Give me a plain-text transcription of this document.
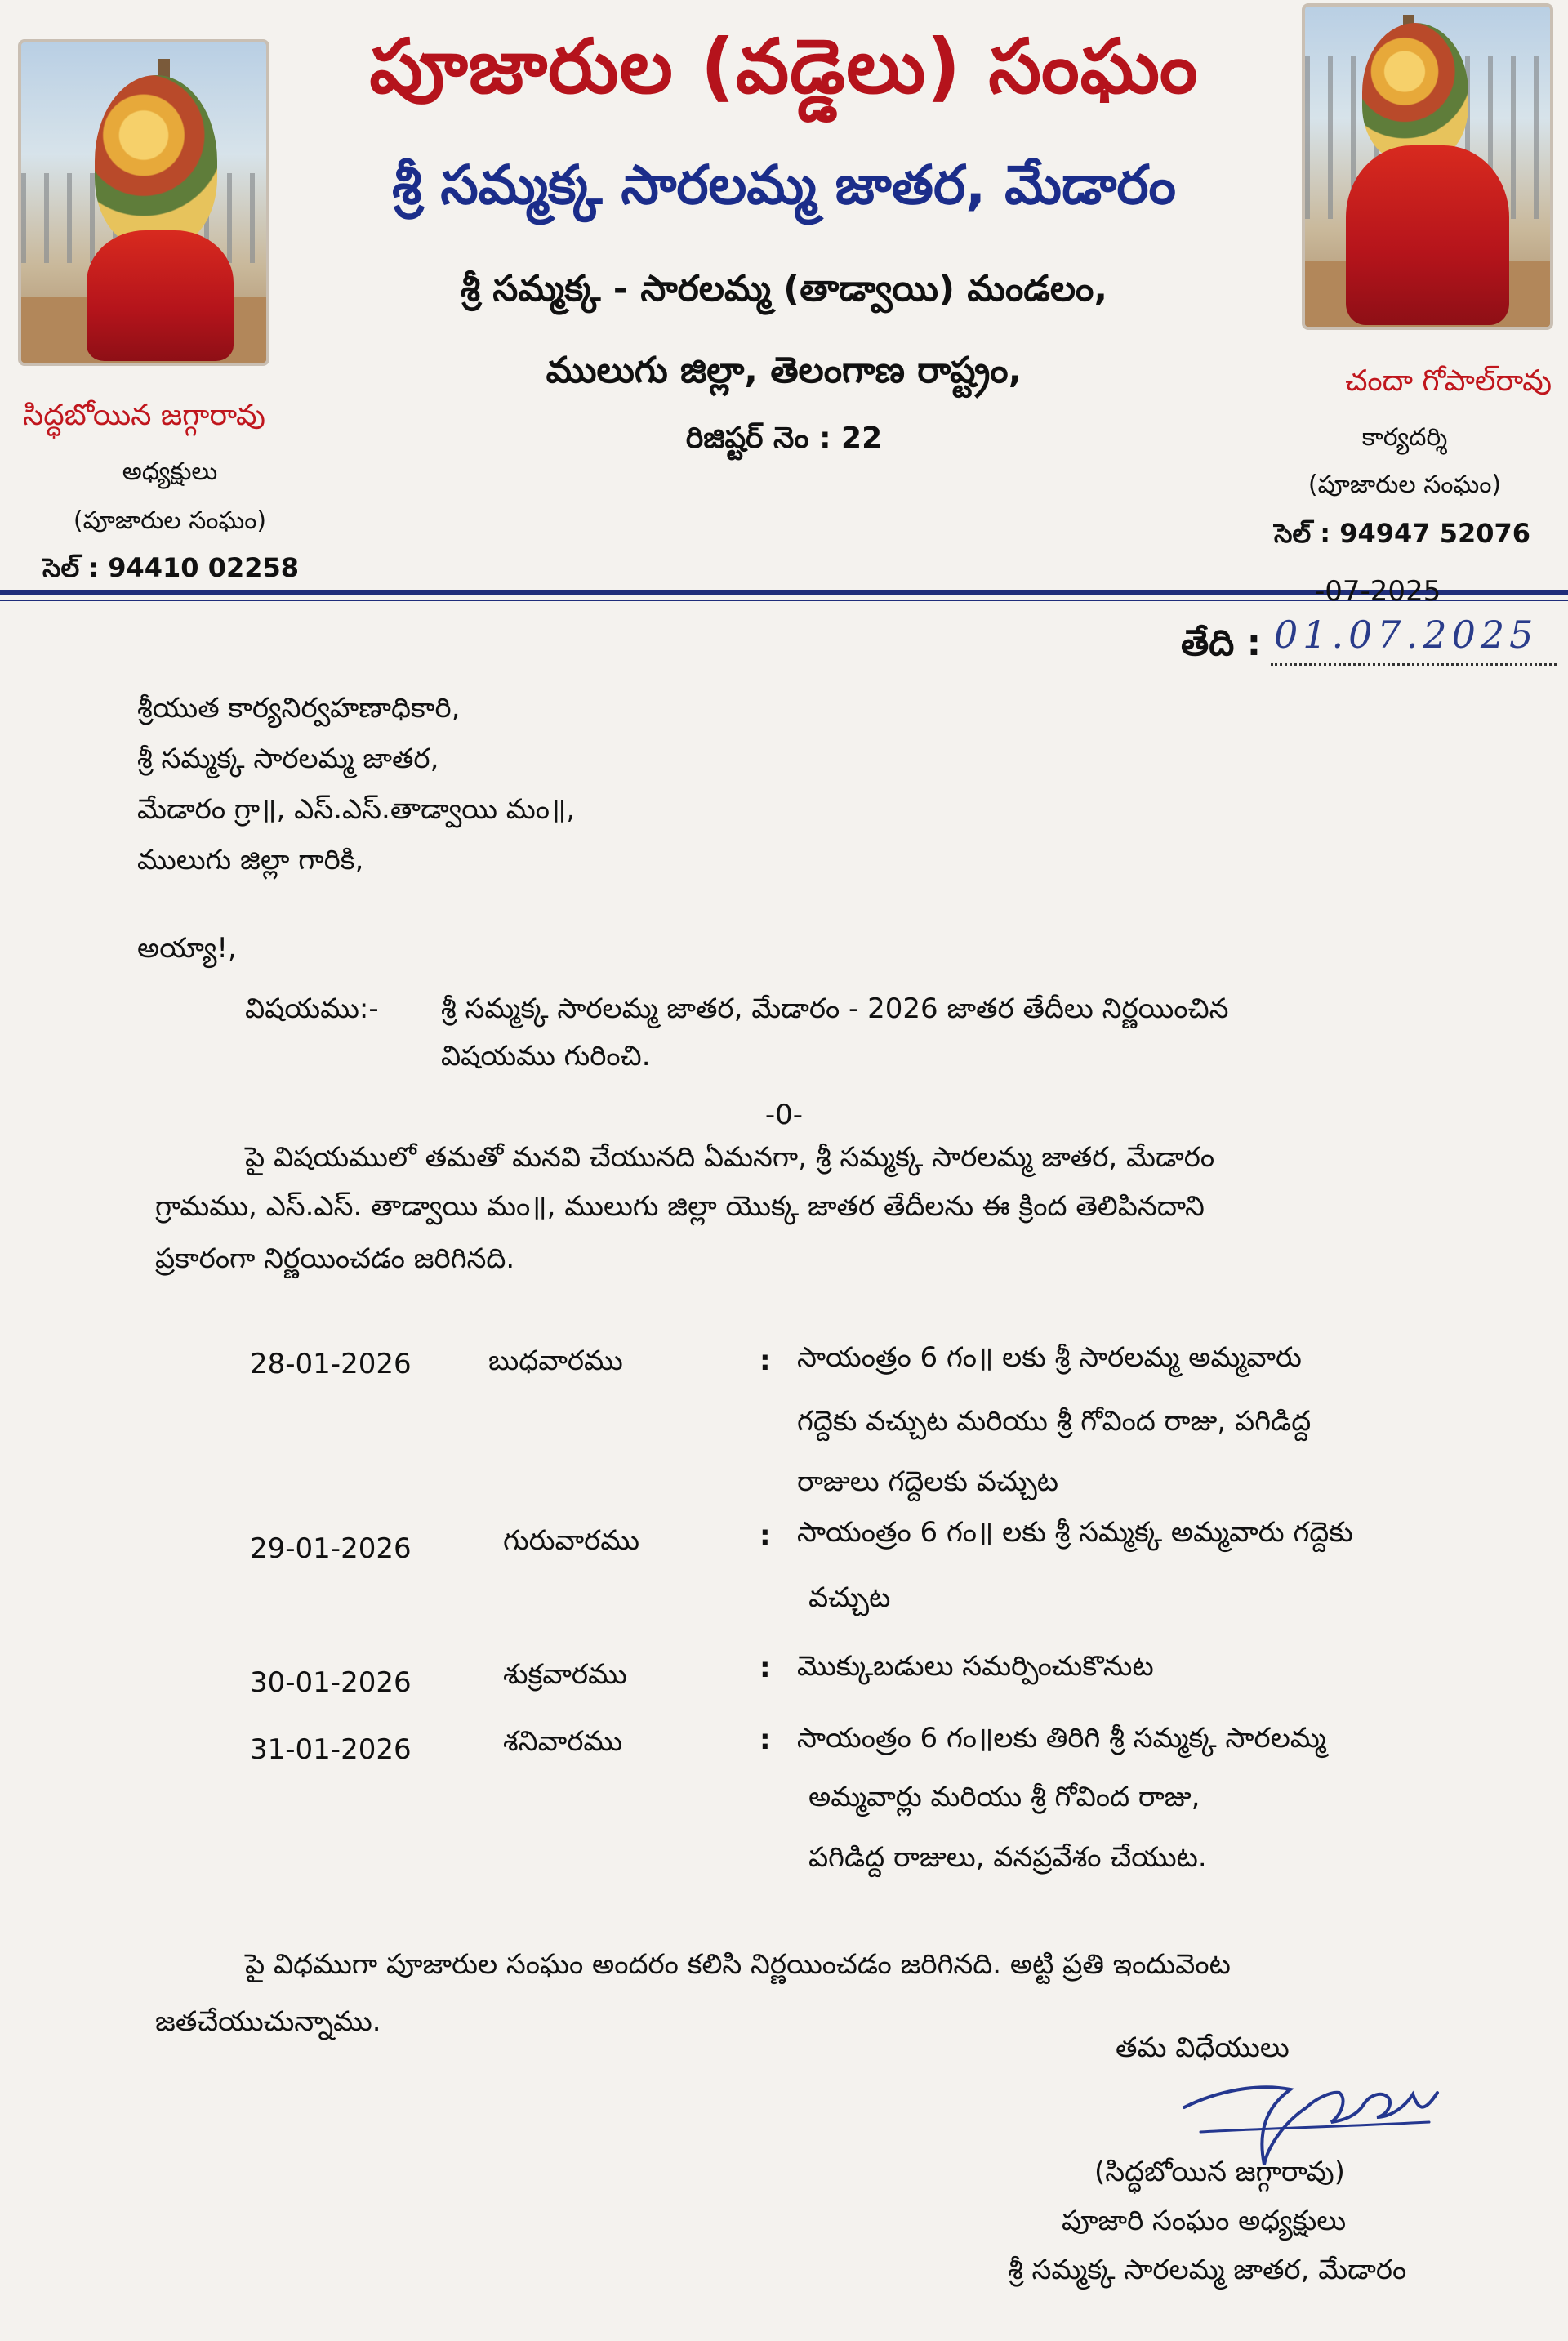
పూజారుల (వడ్డెలు) సంఘం
శ్రీ సమ్మక్క సారలమ్మ జాతర, మేడారం
శ్రీ సమ్మక్క - సారలమ్మ (తాడ్వాయి) మండలం,
ములుగు జిల్లా, తెలంగాణ రాష్ట్రం,
రిజిష్టర్ నెం : 22
సిద్ధబోయిన జగ్గారావు
అధ్యక్షులు
(పూజారుల సంఘం)
సెల్ : 94410 02258
చందా గోపాల్‌రావు
కార్యదర్శి
(పూజారుల సంఘం)
సెల్ : 94947 52076
-07-2025
తేది : 01.07.2025
శ్రీయుత కార్యనిర్వహణాధికారి,
శ్రీ సమ్మక్క సారలమ్మ జాతర,
మేడారం గ్రా॥, ఎస్.ఎస్.తాడ్వాయి మం॥,
ములుగు జిల్లా గారికి,
అయ్యా!,
విషయము:- శ్రీ సమ్మక్క సారలమ్మ జాతర, మేడారం - 2026 జాతర తేదీలు నిర్ణయించిన
విషయము గురించి.
-0-
పై విషయములో తమతో మనవి చేయునది ఏమనగా, శ్రీ సమ్మక్క సారలమ్మ జాతర, మేడారం
గ్రామము, ఎస్.ఎస్. తాడ్వాయి మం॥, ములుగు జిల్లా యొక్క జాతర తేదీలను ఈ క్రింద తెలిపినదాని
ప్రకారంగా నిర్ణయించడం జరిగినది.
28-01-2026	బుధవారము	: సాయంత్రం 6 గం॥ లకు శ్రీ సారలమ్మ అమ్మవారు
గద్దెకు వచ్చుట మరియు శ్రీ గోవింద రాజు, పగిడిద్ద
రాజులు గద్దెలకు వచ్చుట
29-01-2026	గురువారము	: సాయంత్రం 6 గం॥ లకు శ్రీ సమ్మక్క అమ్మవారు గద్దెకు
వచ్చుట
30-01-2026	శుక్రవారము	: మొక్కుబడులు సమర్పించుకొనుట
31-01-2026	శనివారము	: సాయంత్రం 6 గం॥లకు తిరిగి శ్రీ సమ్మక్క సారలమ్మ
అమ్మవార్లు మరియు శ్రీ గోవింద రాజు,
పగిడిద్ద రాజులు, వనప్రవేశం చేయుట.
పై విధముగా పూజారుల సంఘం అందరం కలిసి నిర్ణయించడం జరిగినది. అట్టి ప్రతి ఇందువెంట
జతచేయుచున్నాము.
తమ విధేయులు
(సిద్ధబోయిన జగ్గారావు)
పూజారి సంఘం అధ్యక్షులు
శ్రీ సమ్మక్క సారలమ్మ జాతర, మేడారం
